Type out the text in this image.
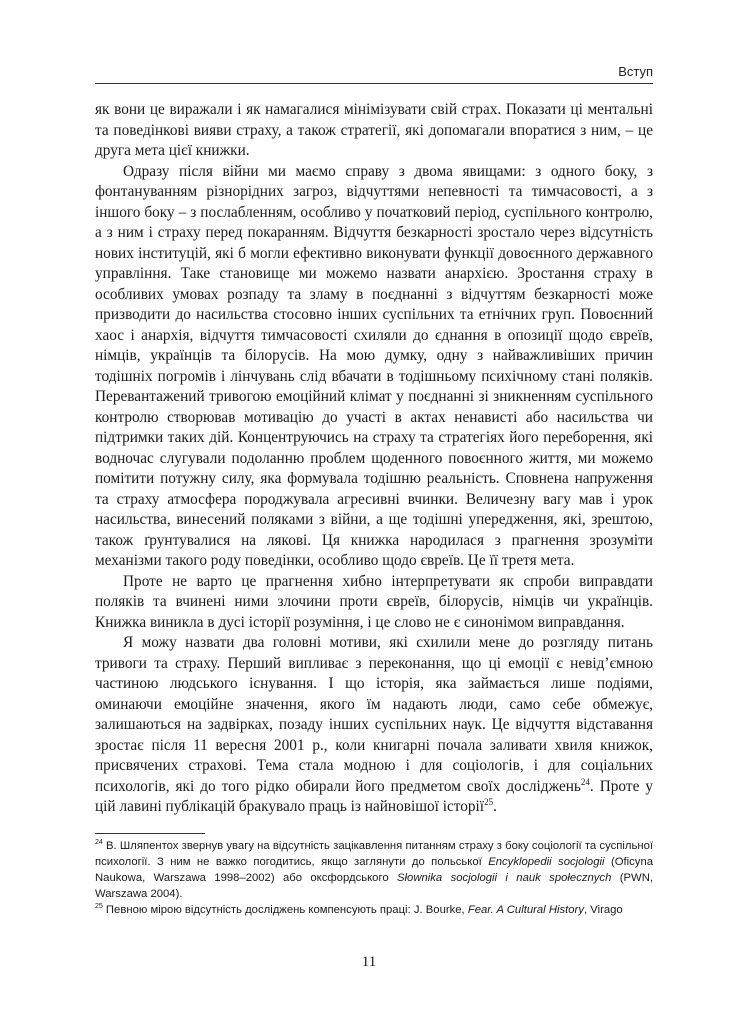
Вступ

як вони це виражали і як намагалися мінімізувати свій страх. Показати ці ментальні та поведінкові вияви страху, а також стратегії, які допомагали впоратися з ним, – це друга мета цієї книжки.

Одразу після війни ми маємо справу з двома явищами: з одного боку, з фонтануванням різнорідних загроз, відчуттями непевності та тимчасовості, а з іншого боку – з послабленням, особливо у початковий період, суспільного контролю, а з ним і страху перед покаранням. Відчуття безкарності зростало через відсутність нових інституцій, які б могли ефективно виконувати функції довоєнного державного управління. Таке становище ми можемо назвати анархією. Зростання страху в особливих умовах розпаду та зламу в поєднанні з відчуттям безкарності може призводити до насильства стосовно інших суспільних та етнічних груп. Повоєнний хаос і анархія, відчуття тимчасовості схиляли до єднання в опозиції щодо євреїв, німців, українців та білорусів. На мою думку, одну з найважливіших причин тодішніх погромів і лінчувань слід вбачати в тодішньому психічному стані поляків. Перевантажений тривогою емоційний клімат у поєднанні зі зникненням суспільного контролю створював мотивацію до участі в актах ненависті або насильства чи підтримки таких дій. Концентруючись на страху та стратегіях його переборення, які водночас слугували подоланню проблем щоденного повоєнного життя, ми можемо помітити потужну силу, яка формувала тодішню реальність. Сповнена напруження та страху атмосфера породжувала агресивні вчинки. Величезну вагу мав і урок насильства, винесений поляками з війни, а ще тодішні упередження, які, зрештою, також ґрунтувалися на лякові. Ця книжка народилася з прагнення зрозуміти механізми такого роду поведінки, особливо щодо євреїв. Це її третя мета.

Проте не варто це прагнення хибно інтерпретувати як спроби виправдати поляків та вчинені ними злочини проти євреїв, білорусів, німців чи українців. Книжка виникла в дусі історії розуміння, і це слово не є синонімом виправдання.

Я можу назвати два головні мотиви, які схилили мене до розгляду питань тривоги та страху. Перший випливає з переконання, що ці емоції є невід’ємною частиною людського існування. І що історія, яка займається лише подіями, оминаючи емоційне значення, якого їм надають люди, само себе обмежує, залишаються на задвірках, позаду інших суспільних наук. Це відчуття відставання зростає після 11 вересня 2001 р., коли книгарні почала заливати хвиля книжок, присвячених страхові. Тема стала модною і для соціологів, і для соціальних психологів, які до того рідко обирали його предметом своїх досліджень$^{24}$. Проте у цій лавині публікацій бракувало праць із найновішої історії$^{25}$.

$^{24}$ В. Шляпентох звернув увагу на відсутність зацікавлення питанням страху з боку соціології та суспільної психології. З ним не важко погодитись, якщо заглянути до польської Encyklopedii socjologii (Oficyna Naukowa, Warszawa 1998–2002) або оксфордського Słownika socjologii i nauk społecznych (PWN, Warszawa 2004).

$^{25}$ Певною мірою відсутність досліджень компенсують праці: J. Bourke, Fear. A Cultural History, Virago

11
